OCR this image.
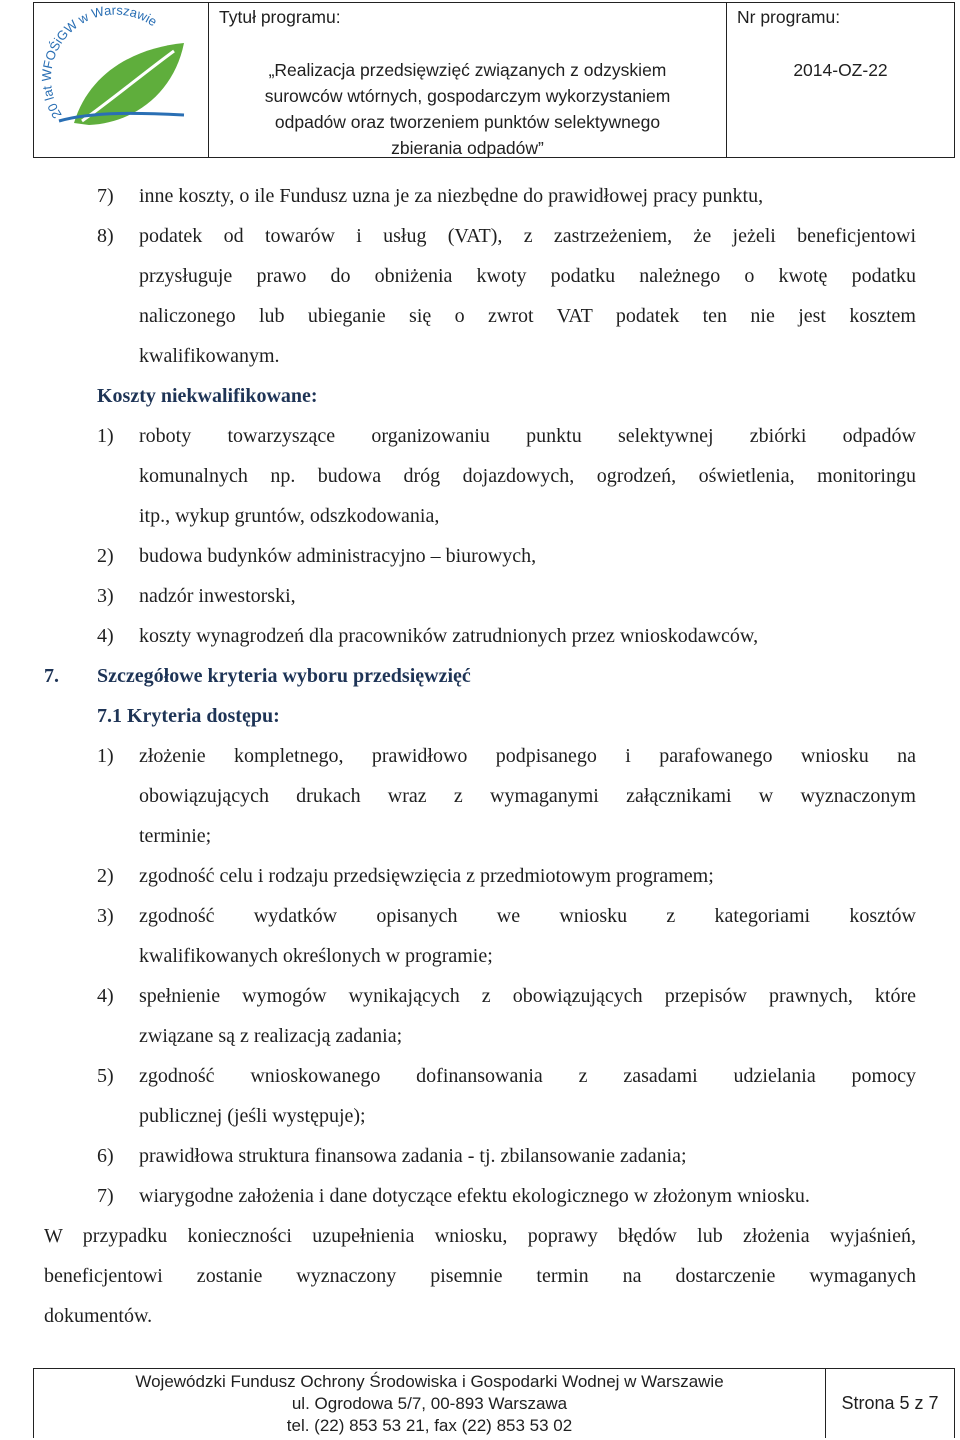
20 lat WFOŚiGW w Warszawie	Tytuł programu:
„Realizacja przedsięwzięć związanych z odzyskiem
surowców wtórnych, gospodarczym wykorzystaniem
odpadów oraz tworzeniem punktów selektywnego
zbierania odpadów”
Nr programu:
2014-OZ-22
7) inne koszty, o ile Fundusz uzna je za niezbędne do prawidłowej pracy punktu,
8) podatek od towarów i usług (VAT), z zastrzeżeniem, że jeżeli beneficjentowi
przysługuje prawo do obniżenia kwoty podatku należnego o kwotę podatku
naliczonego lub ubieganie się o zwrot VAT podatek ten nie jest kosztem
kwalifikowanym.
Koszty niekwalifikowane:
1) roboty towarzyszące organizowaniu punktu selektywnej zbiórki odpadów
komunalnych np. budowa dróg dojazdowych, ogrodzeń, oświetlenia, monitoringu
itp., wykup gruntów, odszkodowania,
2) budowa budynków administracyjno – biurowych,
3) nadzór inwestorski,
4) koszty wynagrodzeń dla pracowników zatrudnionych przez wnioskodawców,
7. Szczegółowe kryteria wyboru przedsięwzięć
7.1 Kryteria dostępu:
1) złożenie kompletnego, prawidłowo podpisanego i parafowanego wniosku na
obowiązujących drukach wraz z wymaganymi załącznikami w wyznaczonym
terminie;
2) zgodność celu i rodzaju przedsięwzięcia z przedmiotowym programem;
3) zgodność wydatków opisanych we wniosku z kategoriami kosztów
kwalifikowanych określonych w programie;
4) spełnienie wymogów wynikających z obowiązujących przepisów prawnych, które
związane są z realizacją zadania;
5) zgodność wnioskowanego dofinansowania z zasadami udzielania pomocy
publicznej (jeśli występuje);
6) prawidłowa struktura finansowa zadania - tj. zbilansowanie zadania;
7) wiarygodne założenia i dane dotyczące efektu ekologicznego w złożonym wniosku.
W przypadku konieczności uzupełnienia wniosku, poprawy błędów lub złożenia wyjaśnień,
beneficjentowi zostanie wyznaczony pisemnie termin na dostarczenie wymaganych
dokumentów.
Wojewódzki Fundusz Ochrony Środowiska i Gospodarki Wodnej w Warszawie
ul. Ogrodowa 5/7, 00-893 Warszawa
tel. (22) 853 53 21, fax (22) 853 53 02
Strona
5
z
7
